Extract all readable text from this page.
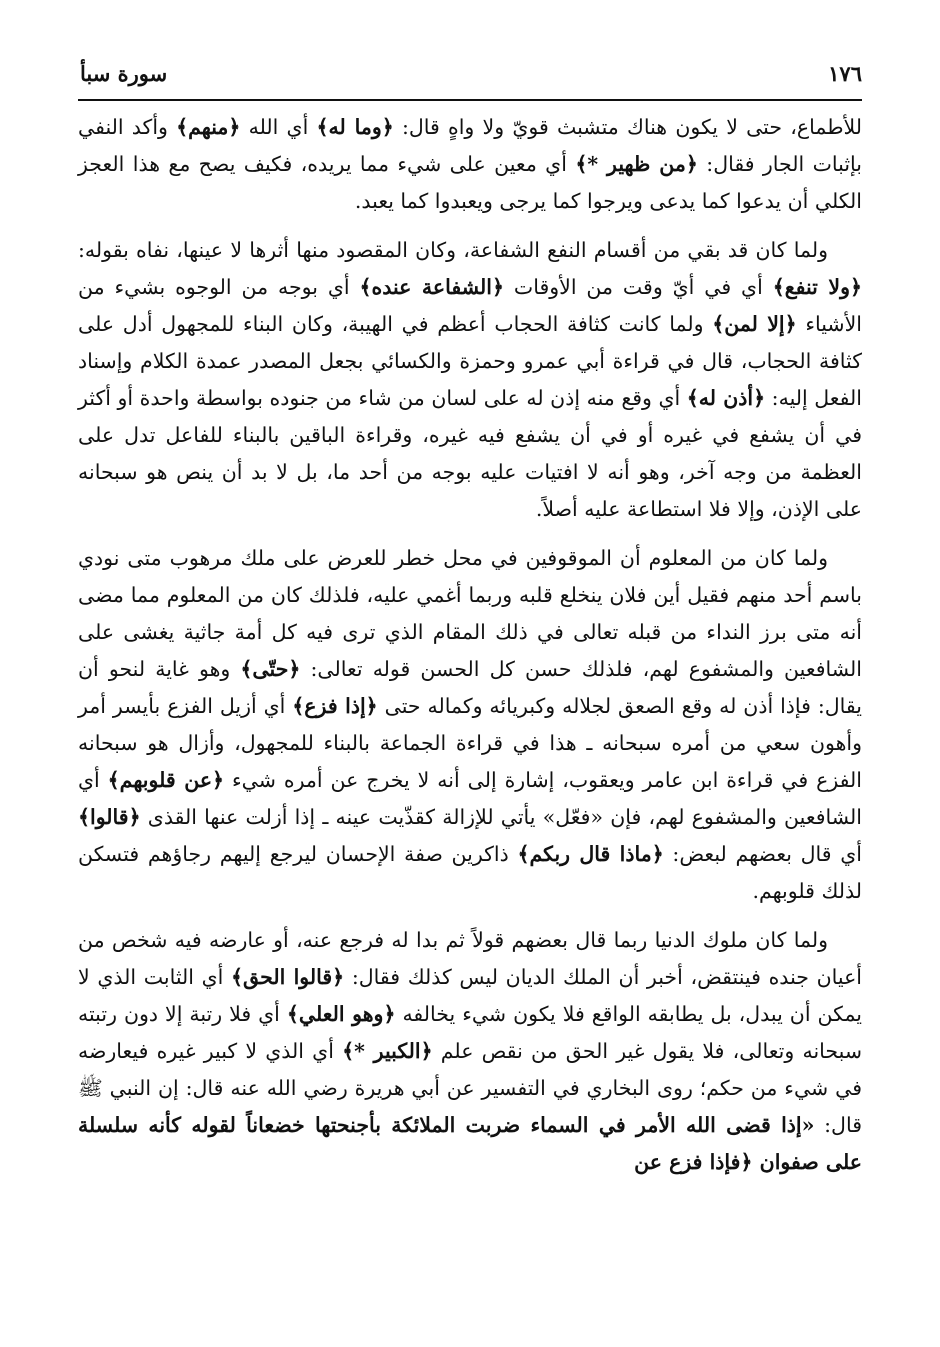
١٧٦
سورة سبأ

للأطماع، حتى لا يكون هناك متشبث قويّ ولا واهٍ قال: ﴿وما له﴾ أي الله ﴿منهم﴾ وأكد النفي بإثبات الجار فقال: ﴿من ظهير *﴾ أي معين على شيء مما يريده، فكيف يصح مع هذا العجز الكلي أن يدعوا كما يدعى ويرجوا كما يرجى ويعبدوا كما يعبد.

ولما كان قد بقي من أقسام النفع الشفاعة، وكان المقصود منها أثرها لا عينها، نفاه بقوله: ﴿ولا تنفع﴾ أي في أيّ وقت من الأوقات ﴿الشفاعة عنده﴾ أي بوجه من الوجوه بشيء من الأشياء ﴿إلا لمن﴾ ولما كانت كثافة الحجاب أعظم في الهيبة، وكان البناء للمجهول أدل على كثافة الحجاب، قال في قراءة أبي عمرو وحمزة والكسائي بجعل المصدر عمدة الكلام وإسناد الفعل إليه: ﴿أذن له﴾ أي وقع منه إذن له على لسان من شاء من جنوده بواسطة واحدة أو أكثر في أن يشفع في غيره أو في أن يشفع فيه غيره، وقراءة الباقين بالبناء للفاعل تدل على العظمة من وجه آخر، وهو أنه لا افتيات عليه بوجه من أحد ما، بل لا بد أن ينص هو سبحانه على الإذن، وإلا فلا استطاعة عليه أصلاً.

ولما كان من المعلوم أن الموقوفين في محل خطر للعرض على ملك مرهوب متى نودي باسم أحد منهم فقيل أين فلان ينخلع قلبه وربما أغمي عليه، فلذلك كان من المعلوم مما مضى أنه متى برز النداء من قبله تعالى في ذلك المقام الذي ترى فيه كل أمة جاثية يغشى على الشافعين والمشفوع لهم، فلذلك حسن كل الحسن قوله تعالى: ﴿حتّى﴾ وهو غاية لنحو أن يقال: فإذا أذن له وقع الصعق لجلاله وكبريائه وكماله حتى ﴿إذا فزع﴾ أي أزيل الفزع بأيسر أمر وأهون سعي من أمره سبحانه ـ هذا في قراءة الجماعة بالبناء للمجهول، وأزال هو سبحانه الفزع في قراءة ابن عامر ويعقوب، إشارة إلى أنه لا يخرج عن أمره شيء ﴿عن قلوبهم﴾ أي الشافعين والمشفوع لهم، فإن «فعّل» يأتي للإزالة كقذّيت عينه ـ إذا أزلت عنها القذى ﴿قالوا﴾ أي قال بعضهم لبعض: ﴿ماذا قال ربكم﴾ ذاكرين صفة الإحسان ليرجع إليهم رجاؤهم فتسكن لذلك قلوبهم.

ولما كان ملوك الدنيا ربما قال بعضهم قولاً ثم بدا له فرجع عنه، أو عارضه فيه شخص من أعيان جنده فينتقض، أخبر أن الملك الديان ليس كذلك فقال: ﴿قالوا الحق﴾ أي الثابت الذي لا يمكن أن يبدل، بل يطابقه الواقع فلا يكون شيء يخالفه ﴿وهو العلي﴾ أي فلا رتبة إلا دون رتبته سبحانه وتعالى، فلا يقول غير الحق من نقص علم ﴿الكبير *﴾ أي الذي لا كبير غيره فيعارضه في شيء من حكم؛ روى البخاري في التفسير عن أبي هريرة رضي الله عنه قال: إن النبي ﷺ قال: «إذا قضى الله الأمر في السماء ضربت الملائكة بأجنحتها خضعاناً لقوله كأنه سلسلة على صفوان ﴿فإذا فزع عن
